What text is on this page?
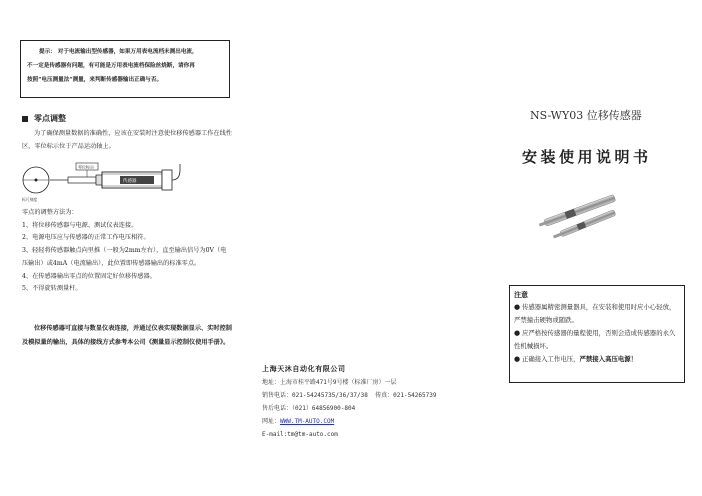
提示： 对于电流输出型传感器，如果万用表电流档未测出电流，
不一定是传感器有问题，有可能是万用表电流档保险丝烧断，请你再
按照“电压测量法”测量，来判断传感器输出正确与否。
零点调整
为了确保测量数据的准确性，应该在安装时注意使位移传感器工作在线性区，零位标示位于产品运动轴上。
标尺刻度
传感器
零位标示
零点的调整方法为：
1、将位移传感器与电源、测试仪表连接。
2、电源电压应与传感器的正常工作电压相符。
3、轻轻将传感器触点向里推（一般为2mm左右），直至输出信号为0V（电压输出）或4mA（电流输出），此位置即传感器输出的标准零点。
4、在传感器输出零点的位置固定好位移传感器。
5、不得旋转测量杆。
位移传感器可直接与数显仪表连接，并通过仪表实现数据显示、实时控制及模拟量的输出，具体的接线方式参考本公司《测量显示控制仪使用手册》。
上海天沐自动化有限公司
地址：上海市桂平路471号9号楼（标准厂房）一层
销售电话：021-54245735/36/37/38 传真：021-54265739
售后电话：（021）64856900-804
网址：WWW.TM-AUTO.COM
E-mail:tm@tm-auto.com
NS-WY03 位移传感器
安装使用说明书
注意
● 传感器属精密测量器具，在安装和使用时应小心轻放，严禁撞击硬物或随跌。
● 应严格按传感器的量程使用，否则会造成传感器的永久性机械损坏。
● 正确接入工作电压，严禁接入高压电源！
